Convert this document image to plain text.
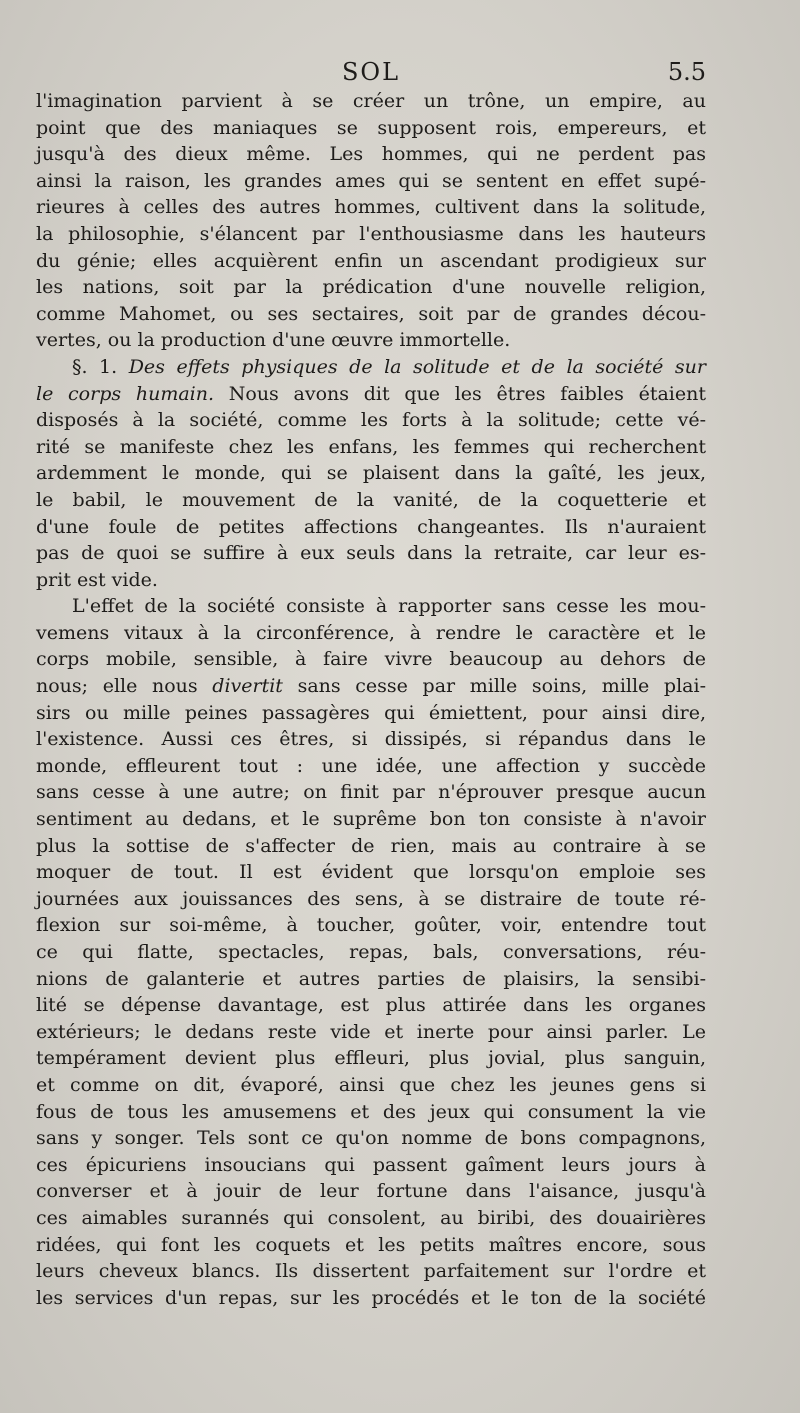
SOL	5.5
l'imagination parvient à se créer un trône, un empire, au
point que des maniaques se supposent rois, empereurs, et
jusqu'à des dieux même. Les hommes, qui ne perdent pas
ainsi la raison, les grandes ames qui se sentent en effet supé-
rieures à celles des autres hommes, cultivent dans la solitude,
la philosophie, s'élancent par l'enthousiasme dans les hauteurs
du génie; elles acquièrent enfin un ascendant prodigieux sur
les nations, soit par la prédication d'une nouvelle religion,
comme Mahomet, ou ses sectaires, soit par de grandes décou-
vertes, ou la production d'une œuvre immortelle.
§. 1. Des effets physiques de la solitude et de la société sur
le corps humain. Nous avons dit que les êtres faibles étaient
disposés à la société, comme les forts à la solitude; cette vé-
rité se manifeste chez les enfans, les femmes qui recherchent
ardemment le monde, qui se plaisent dans la gaîté, les jeux,
le babil, le mouvement de la vanité, de la coquetterie et
d'une foule de petites affections changeantes. Ils n'auraient
pas de quoi se suffire à eux seuls dans la retraite, car leur es-
prit est vide.
L'effet de la société consiste à rapporter sans cesse les mou-
vemens vitaux à la circonférence, à rendre le caractère et le
corps mobile, sensible, à faire vivre beaucoup au dehors de
nous; elle nous divertit sans cesse par mille soins, mille plai-
sirs ou mille peines passagères qui émiettent, pour ainsi dire,
l'existence. Aussi ces êtres, si dissipés, si répandus dans le
monde, effleurent tout : une idée, une affection y succède
sans cesse à une autre; on finit par n'éprouver presque aucun
sentiment au dedans, et le suprême bon ton consiste à n'avoir
plus la sottise de s'affecter de rien, mais au contraire à se
moquer de tout. Il est évident que lorsqu'on emploie ses
journées aux jouissances des sens, à se distraire de toute ré-
flexion sur soi-même, à toucher, goûter, voir, entendre tout
ce qui flatte, spectacles, repas, bals, conversations, réu-
nions de galanterie et autres parties de plaisirs, la sensibi-
lité se dépense davantage, est plus attirée dans les organes
extérieurs; le dedans reste vide et inerte pour ainsi parler. Le
tempérament devient plus effleuri, plus jovial, plus sanguin,
et comme on dit, évaporé, ainsi que chez les jeunes gens si
fous de tous les amusemens et des jeux qui consument la vie
sans y songer. Tels sont ce qu'on nomme de bons compagnons,
ces épicuriens insoucians qui passent gaîment leurs jours à
converser et à jouir de leur fortune dans l'aisance, jusqu'à
ces aimables surannés qui consolent, au biribi, des douairières
ridées, qui font les coquets et les petits maîtres encore, sous
leurs cheveux blancs. Ils dissertent parfaitement sur l'ordre et
les services d'un repas, sur les procédés et le ton de la société
